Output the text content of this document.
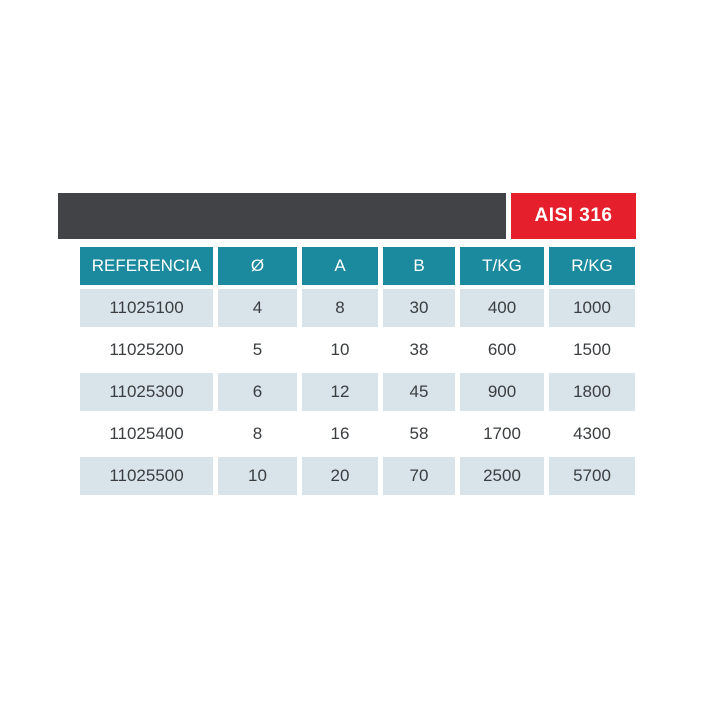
AISI 316
REFERENCIA	Ø	A	B	T/KG	R/KG
11025100	4	8	30	400	1000
11025200	5	10	38	600	1500
11025300	6	12	45	900	1800
11025400	8	16	58	1700	4300
11025500	10	20	70	2500	5700
